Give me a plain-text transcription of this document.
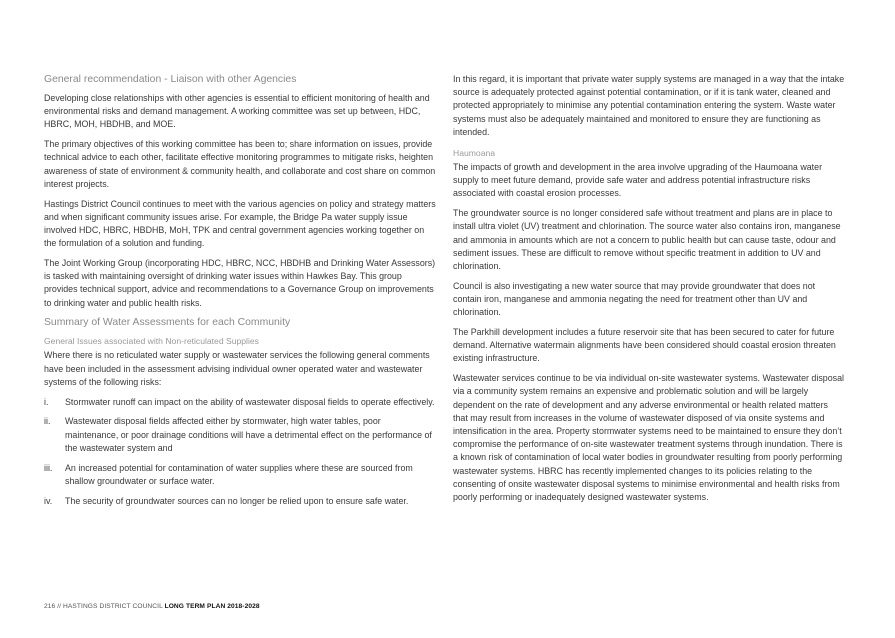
General recommendation - Liaison with other Agencies

Developing close relationships with other agencies is essential to efficient monitoring of health and environmental risks and demand management. A working committee was set up between, HDC, HBRC, MOH, HBDHB, and MOE.

The primary objectives of this working committee has been to; share information on issues, provide technical advice to each other, facilitate effective monitoring programmes to mitigate risks, heighten awareness of state of environment & community health, and collaborate and cost share on common interest projects.

Hastings District Council continues to meet with the various agencies on policy and strategy matters and when significant community issues arise. For example, the Bridge Pa water supply issue involved HDC, HBRC, HBDHB, MoH, TPK and central government agencies working together on the formulation of a solution and funding.

The Joint Working Group (incorporating HDC, HBRC, NCC, HBDHB and Drinking Water Assessors) is tasked with maintaining oversight of drinking water issues within Hawkes Bay. This group provides technical support, advice and recommendations to a Governance Group on improvements to drinking water and public health risks.

Summary of Water Assessments for each Community
General Issues associated with Non-reticulated Supplies

Where there is no reticulated water supply or wastewater services the following general comments have been included in the assessment advising individual owner operated water and wastewater systems of the following risks:

i. Stormwater runoff can impact on the ability of wastewater disposal fields to operate effectively.
ii. Wastewater disposal fields affected either by stormwater, high water tables, poor maintenance, or poor drainage conditions will have a detrimental effect on the performance of the wastewater system and
iii. An increased potential for contamination of water supplies where these are sourced from shallow groundwater or surface water.
iv. The security of groundwater sources can no longer be relied upon to ensure safe water.

In this regard, it is important that private water supply systems are managed in a way that the intake source is adequately protected against potential contamination, or if it is tank water, cleaned and protected appropriately to minimise any potential contamination entering the system. Waste water systems must also be adequately maintained and monitored to ensure they are functioning as intended.

Haumoana

The impacts of growth and development in the area involve upgrading of the Haumoana water supply to meet future demand, provide safe water and address potential infrastructure risks associated with coastal erosion processes.

The groundwater source is no longer considered safe without treatment and plans are in place to install ultra violet (UV) treatment and chlorination. The source water also contains iron, manganese and ammonia in amounts which are not a concern to public health but can cause taste, odour and sediment issues. These are difficult to remove without specific treatment in addition to UV and chlorination.

Council is also investigating a new water source that may provide groundwater that does not contain iron, manganese and ammonia negating the need for treatment other than UV and chlorination.

The Parkhill development includes a future reservoir site that has been secured to cater for future demand. Alternative watermain alignments have been considered should coastal erosion threaten existing infrastructure.

Wastewater services continue to be via individual on-site wastewater systems. Wastewater disposal via a community system remains an expensive and problematic solution and will be largely dependent on the rate of development and any adverse environmental or health related matters that may result from increases in the volume of wastewater disposed of via onsite systems and intensification in the area. Property stormwater systems need to be maintained to ensure they don’t compromise the performance of on-site wastewater treatment systems through inundation. There is a known risk of contamination of local water bodies in groundwater resulting from poorly performing wastewater systems. HBRC has recently implemented changes to its policies relating to the consenting of onsite wastewater disposal systems to minimise environmental and health risks from poorly performing or inadequately designed wastewater systems.

216 // HASTINGS DISTRICT COUNCIL LONG TERM PLAN 2018-2028
